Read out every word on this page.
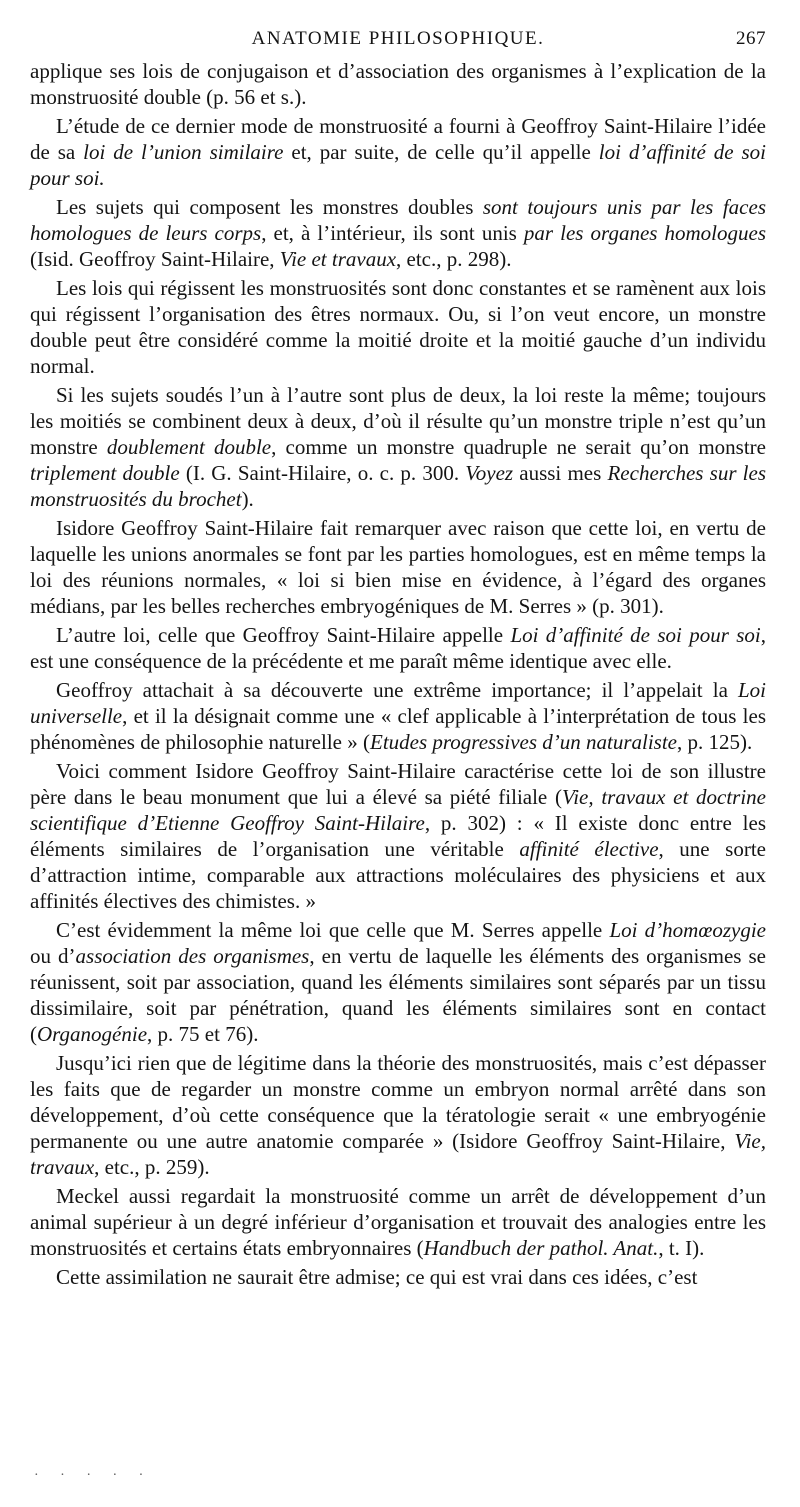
ANATOMIE PHILOSOPHIQUE.	267

applique ses lois de conjugaison et d’association des organismes à l’explication de la monstruosité double (p. 56 et s.).

L’étude de ce dernier mode de monstruosité a fourni à Geoffroy Saint-Hilaire l’idée de sa loi de l’union similaire et, par suite, de celle qu’il appelle loi d’affinité de soi pour soi.

Les sujets qui composent les monstres doubles sont toujours unis par les faces homologues de leurs corps, et, à l’intérieur, ils sont unis par les organes homologues (Isid. Geoffroy Saint-Hilaire, Vie et travaux, etc., p. 298).

Les lois qui régissent les monstruosités sont donc constantes et se ramènent aux lois qui régissent l’organisation des êtres normaux. Ou, si l’on veut encore, un monstre double peut être considéré comme la moitié droite et la moitié gauche d’un individu normal.

Si les sujets soudés l’un à l’autre sont plus de deux, la loi reste la même; toujours les moitiés se combinent deux à deux, d’où il résulte qu’un monstre triple n’est qu’un monstre doublement double, comme un monstre quadruple ne serait qu’on monstre triplement double (I. G. Saint-Hilaire, o. c. p. 300. Voyez aussi mes Recherches sur les monstruosités du brochet).

Isidore Geoffroy Saint-Hilaire fait remarquer avec raison que cette loi, en vertu de laquelle les unions anormales se font par les parties homologues, est en même temps la loi des réunions normales, « loi si bien mise en évidence, à l’égard des organes médians, par les belles recherches embryogéniques de M. Serres » (p. 301).

L’autre loi, celle que Geoffroy Saint-Hilaire appelle Loi d’affinité de soi pour soi, est une conséquence de la précédente et me paraît même identique avec elle.

Geoffroy attachait à sa découverte une extrême importance; il l’appelait la Loi universelle, et il la désignait comme une « clef applicable à l’interprétation de tous les phénomènes de philosophie naturelle » (Etudes progressives d’un naturaliste, p. 125).

Voici comment Isidore Geoffroy Saint-Hilaire caractérise cette loi de son illustre père dans le beau monument que lui a élevé sa piété filiale (Vie, travaux et doctrine scientifique d’Etienne Geoffroy Saint-Hilaire, p. 302) : « Il existe donc entre les éléments similaires de l’organisation une véritable affinité élective, une sorte d’attraction intime, comparable aux attractions moléculaires des physiciens et aux affinités électives des chimistes. »

C’est évidemment la même loi que celle que M. Serres appelle Loi d’homœozygie ou d’association des organismes, en vertu de laquelle les éléments des organismes se réunissent, soit par association, quand les éléments similaires sont séparés par un tissu dissimilaire, soit par pénétration, quand les éléments similaires sont en contact (Organogénie, p. 75 et 76).

Jusqu’ici rien que de légitime dans la théorie des monstruosités, mais c’est dépasser les faits que de regarder un monstre comme un embryon normal arrêté dans son développement, d’où cette conséquence que la tératologie serait « une embryogénie permanente ou une autre anatomie comparée » (Isidore Geoffroy Saint-Hilaire, Vie, travaux, etc., p. 259).

Meckel aussi regardait la monstruosité comme un arrêt de développement d’un animal supérieur à un degré inférieur d’organisation et trouvait des analogies entre les monstruosités et certains états embryonnaires (Handbuch der pathol. Anat., t. I).

Cette assimilation ne saurait être admise; ce qui est vrai dans ces idées, c’est

· · · · ·
